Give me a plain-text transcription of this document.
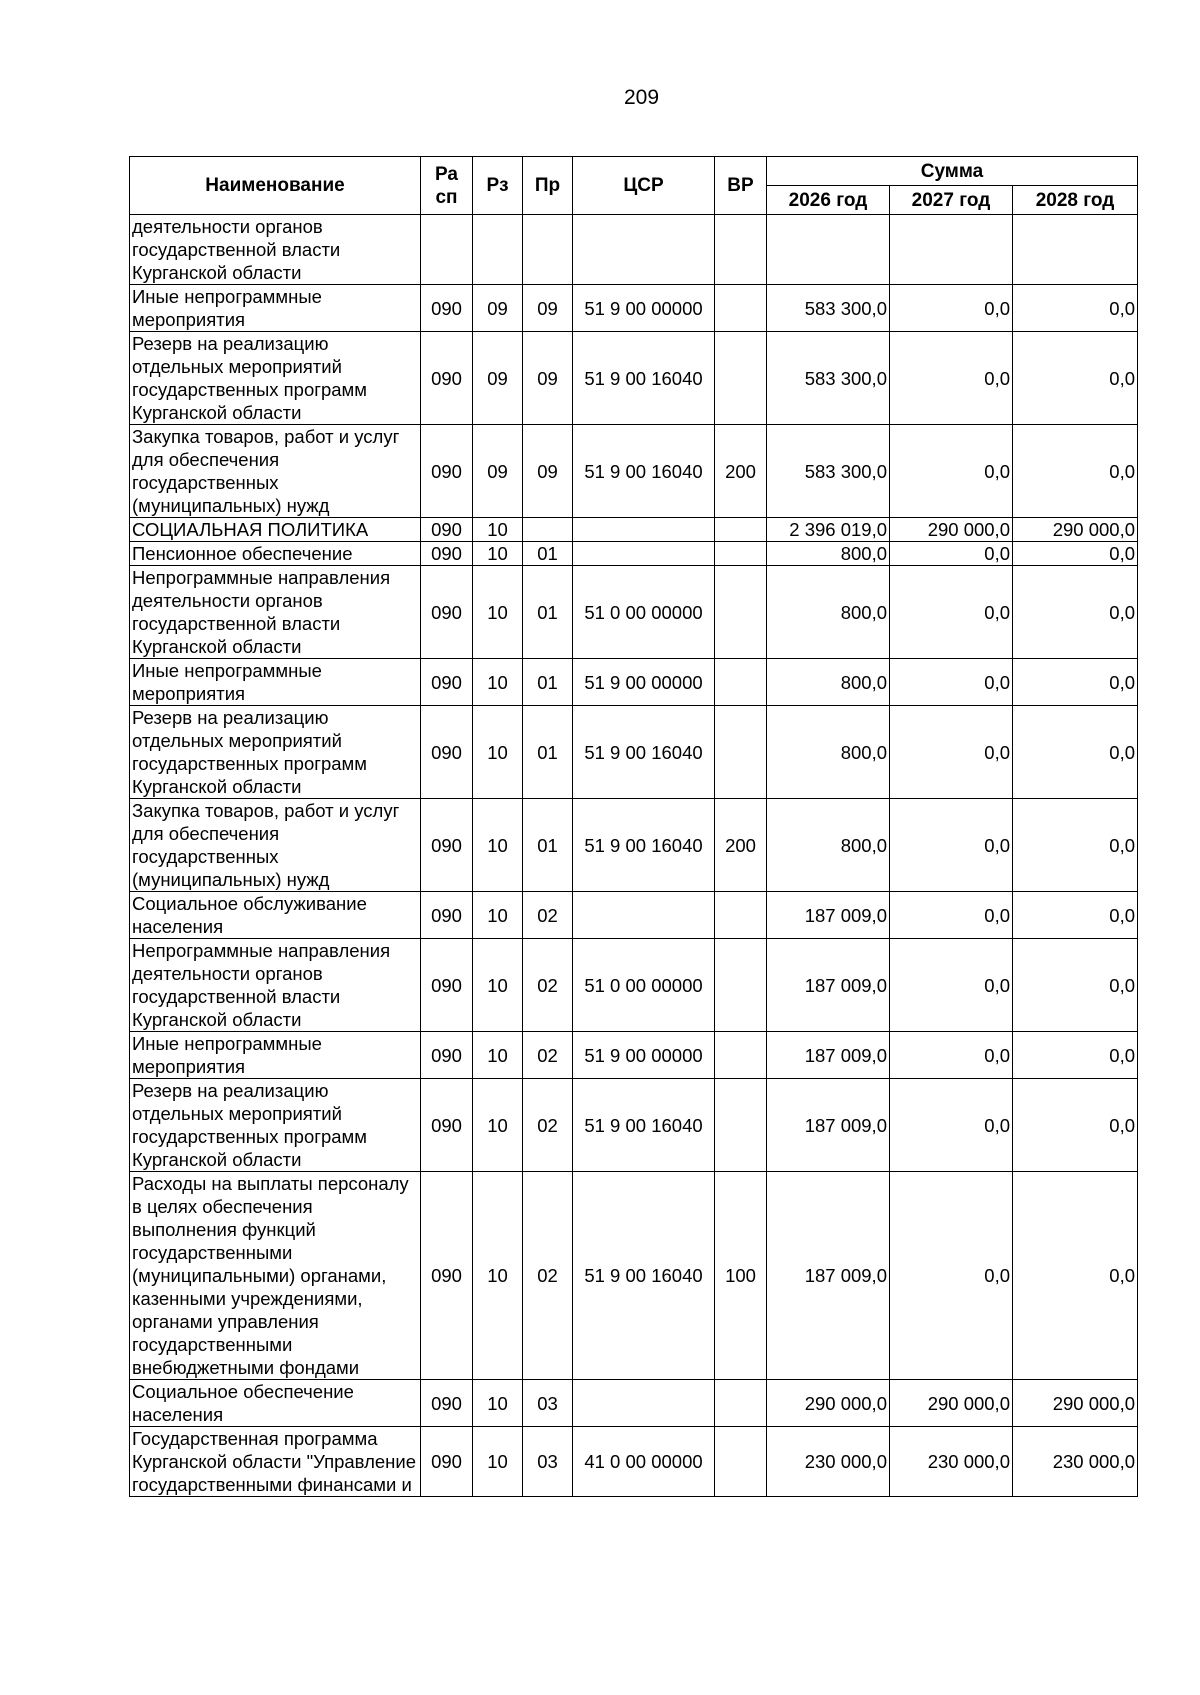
209
Наименование	Ра сп	Рз	Пр	ЦСР	ВР	Сумма		
						2026 год	2027 год	2028 год
деятельности органов государственной власти Курганской области								
Иные непрограммные мероприятия	090	09	09	51 9 00 00000		583 300,0	0,0	0,0
Резерв на реализацию отдельных мероприятий государственных программ Курганской области	090	09	09	51 9 00 16040		583 300,0	0,0	0,0
Закупка товаров, работ и услуг для обеспечения государственных (муниципальных) нужд	090	09	09	51 9 00 16040	200	583 300,0	0,0	0,0
СОЦИАЛЬНАЯ ПОЛИТИКА	090	10				2 396 019,0	290 000,0	290 000,0
Пенсионное обеспечение	090	10	01			800,0	0,0	0,0
Непрограммные направления деятельности органов государственной власти Курганской области	090	10	01	51 0 00 00000		800,0	0,0	0,0
Иные непрограммные мероприятия	090	10	01	51 9 00 00000		800,0	0,0	0,0
Резерв на реализацию отдельных мероприятий государственных программ Курганской области	090	10	01	51 9 00 16040		800,0	0,0	0,0
Закупка товаров, работ и услуг для обеспечения государственных (муниципальных) нужд	090	10	01	51 9 00 16040	200	800,0	0,0	0,0
Социальное обслуживание населения	090	10	02			187 009,0	0,0	0,0
Непрограммные направления деятельности органов государственной власти Курганской области	090	10	02	51 0 00 00000		187 009,0	0,0	0,0
Иные непрограммные мероприятия	090	10	02	51 9 00 00000		187 009,0	0,0	0,0
Резерв на реализацию отдельных мероприятий государственных программ Курганской области	090	10	02	51 9 00 16040		187 009,0	0,0	0,0
Расходы на выплаты персоналу в целях обеспечения выполнения функций государственными (муниципальными) органами, казенными учреждениями, органами управления государственными внебюджетными фондами	090	10	02	51 9 00 16040	100	187 009,0	0,0	0,0
Социальное обеспечение населения	090	10	03			290 000,0	290 000,0	290 000,0
Государственная программа Курганской области "Управление государственными финансами и	090	10	03	41 0 00 00000		230 000,0	230 000,0	230 000,0
